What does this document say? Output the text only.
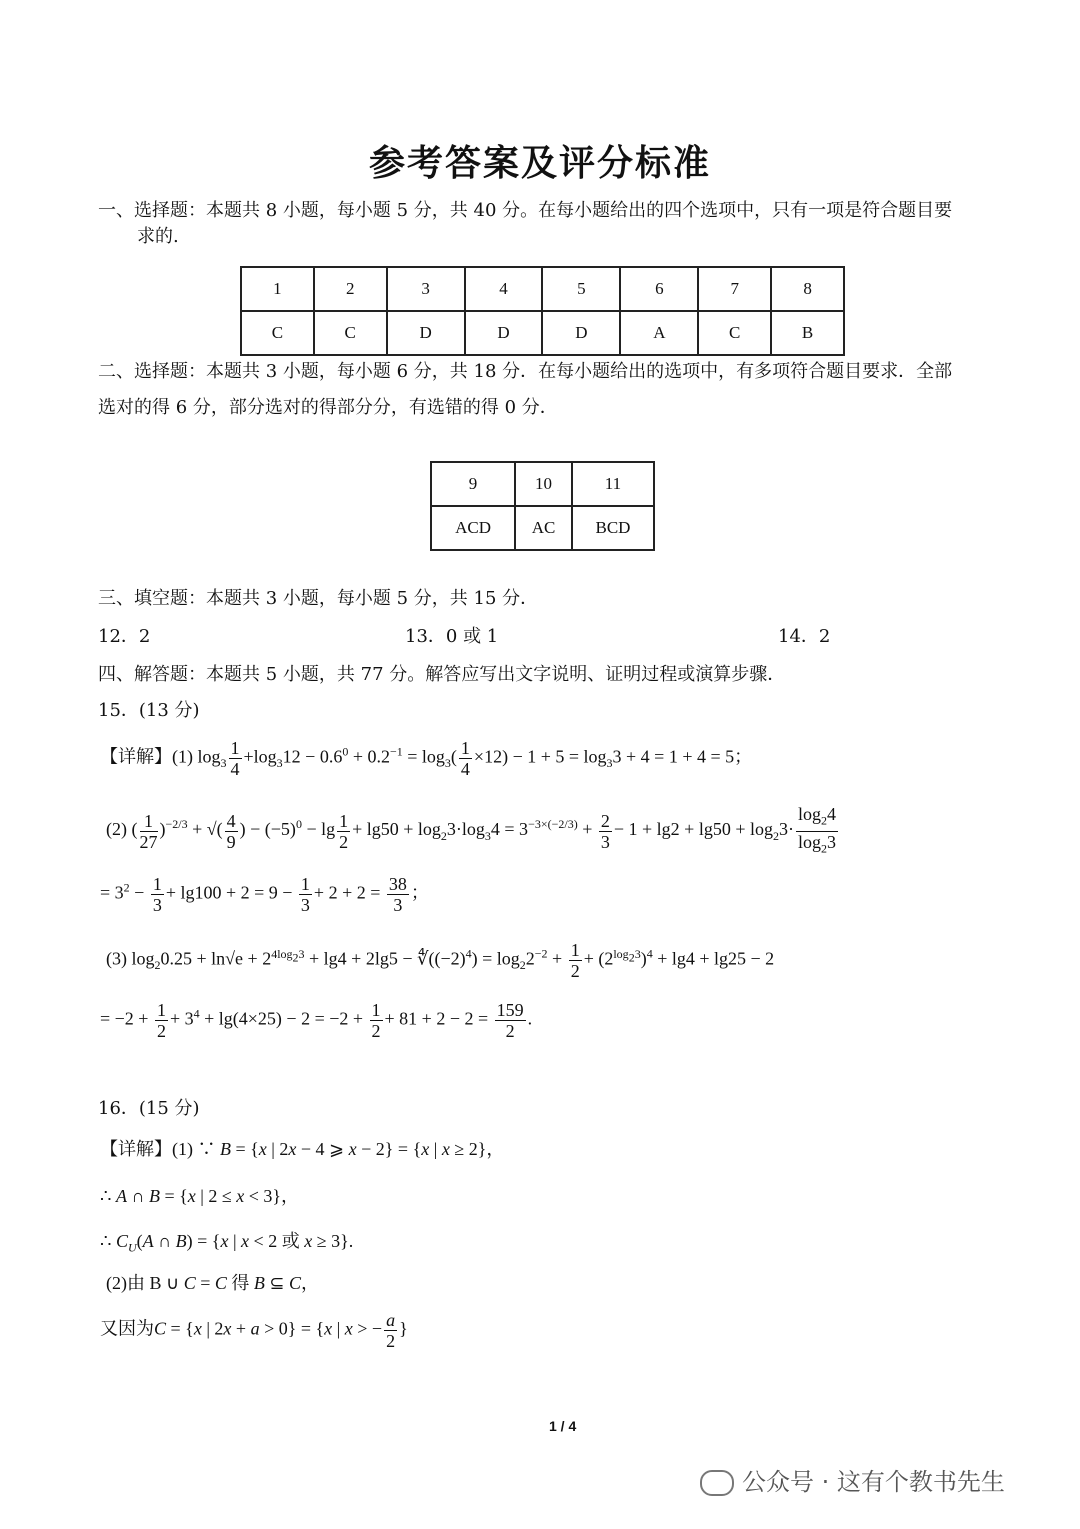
参考答案及评分标准
一、选择题：本题共 8 小题，每小题 5 分，共 40 分。在每小题给出的四个选项中，只有一项是符合题目要
求的.
1	2	3	4	5	6	7	8
C	C	D	D	D	A	C	B
二、选择题：本题共 3 小题，每小题 6 分，共 18 分．在每小题给出的选项中，有多项符合题目要求．全部
选对的得 6 分，部分选对的得部分分，有选错的得 0 分．
9	10	11
ACD	AC	BCD
三、填空题：本题共 3 小题，每小题 5 分，共 15 分．
12．2	13．0 或 1	14．2
四、解答题：本题共 5 小题，共 77 分。解答应写出文字说明、证明过程或演算步骤．
15．(13 分)
【详解】(1) $\log_3 \frac{1}{4} +\log_312 - 0.6^0 + 0.2^{-1} = \log_3( \frac{1}{4} \times 12) - 1 + 5 = \log_33 + 4 = 1 + 4 = 5$；
(2) ( $\frac{1}{27} )^{-2/3}$ + √( $\frac{4}{9}$ ) − $(-5)^0 - \lg \frac{1}{2} + \lg 50 + \log_23\cdot\log_34 = 3^{-3\times(-2/3)} + \frac{2}{3} - 1 + \lg 2 + \lg 50 + \log_23\cdot \frac{\log_24}{\log_23}$
= $3^2 - \frac{1}{3} + \lg 100 + 2 = 9 - \frac{1}{3} + 2 + 2 = \frac{38}{3}$ ；
(3) $\log_20.25 + \ln√e + 2^{4log_23} + \lg 4 + 2\lg 5$ − $∜((-2)^4) = \log_22^{-2} + \frac{1}{2} + (2^{log_23})^4 + \lg 4 + \lg 25 - 2$
= $-2 + \frac{1}{2} + 3^4 + \lg(4\times 25) - 2 = -2 + \frac{1}{2} + 81 + 2 - 2 = \frac{159}{2}$ .
16．(15 分)
【详解】(1) ∵ B = {x | 2x − 4 ⩾ x − 2} = {x | x ≥ 2}，
∴ A ∩ B = {x | 2 ≤ x < 3}，
∴ $C_U(A$ ∩ B) = {x | x < 2 或 x ≥ 3}.
(2)由 B ∪ C = C 得 B ⊆ C，
又因为C = {x | 2x + a > 0} = {x | x > − $\frac{a}{2}$ }
1 / 4
公众号 · 这有个教书先生
